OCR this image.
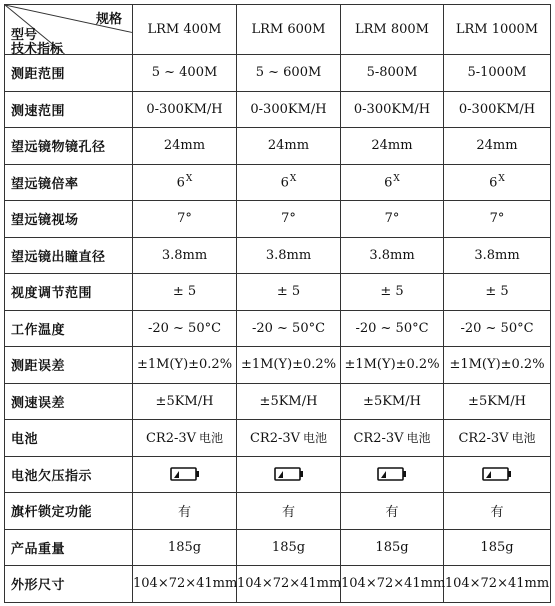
规格
型号
技术指标	LRM 400M	LRM 600M	LRM 800M	LRM 1000M
测距范围	5 ~ 400M	5 ~ 600M	5-800M	5-1000M
测速范围	0-300KM/H	0-300KM/H	0-300KM/H	0-300KM/H
望远镜物镜孔径	24mm	24mm	24mm	24mm
望远镜倍率	$6^X$	$6^X$	$6^X$	$6^X$
望远镜视场	7°	7°	7°	7°
望远镜出瞳直径	3.8mm	3.8mm	3.8mm	3.8mm
视度调节范围	± 5	± 5	± 5	± 5
工作温度	-20 ~ 50°C	-20 ~ 50°C	-20 ~ 50°C	-20 ~ 50°C
测距误差	±1M(Y)±0.2%	±1M(Y)±0.2%	±1M(Y)±0.2%	±1M(Y)±0.2%
测速误差	±5KM/H	±5KM/H	±5KM/H	±5KM/H
电池	CR2-3V 电池	CR2-3V 电池	CR2-3V 电池	CR2-3V 电池
电池欠压指示				
旗杆锁定功能	有	有	有	有
产品重量	185g	185g	185g	185g
外形尺寸	104×72×41mm	104×72×41mm	104×72×41mm	104×72×41mm
